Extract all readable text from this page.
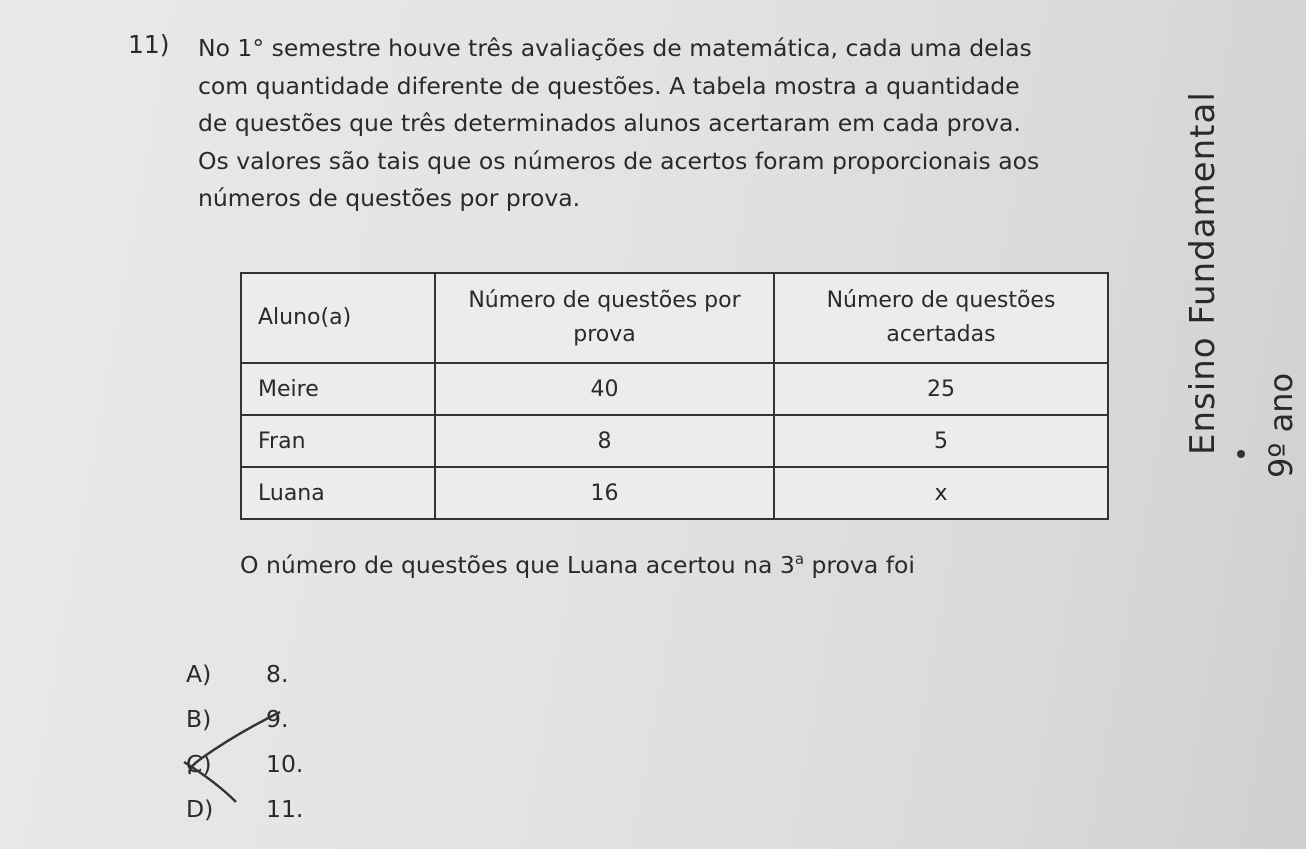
11) No 1° semestre houve três avaliações de matemática, cada uma delas
com quantidade diferente de questões. A tabela mostra a quantidade
de questões que três determinados alunos acertaram em cada prova.
Os valores são tais que os números de acertos foram proporcionais aos
números de questões por prova.
Aluno(a)	Número de questões por prova	Número de questões acertadas
Meire	40	25
Fran	8	5
Luana	16	x
O número de questões que Luana acertou na 3$^a$ prova foi
A) 8.
B) 9.
C) 10.
D) 11.
Ensino Fundamental 9º ano
